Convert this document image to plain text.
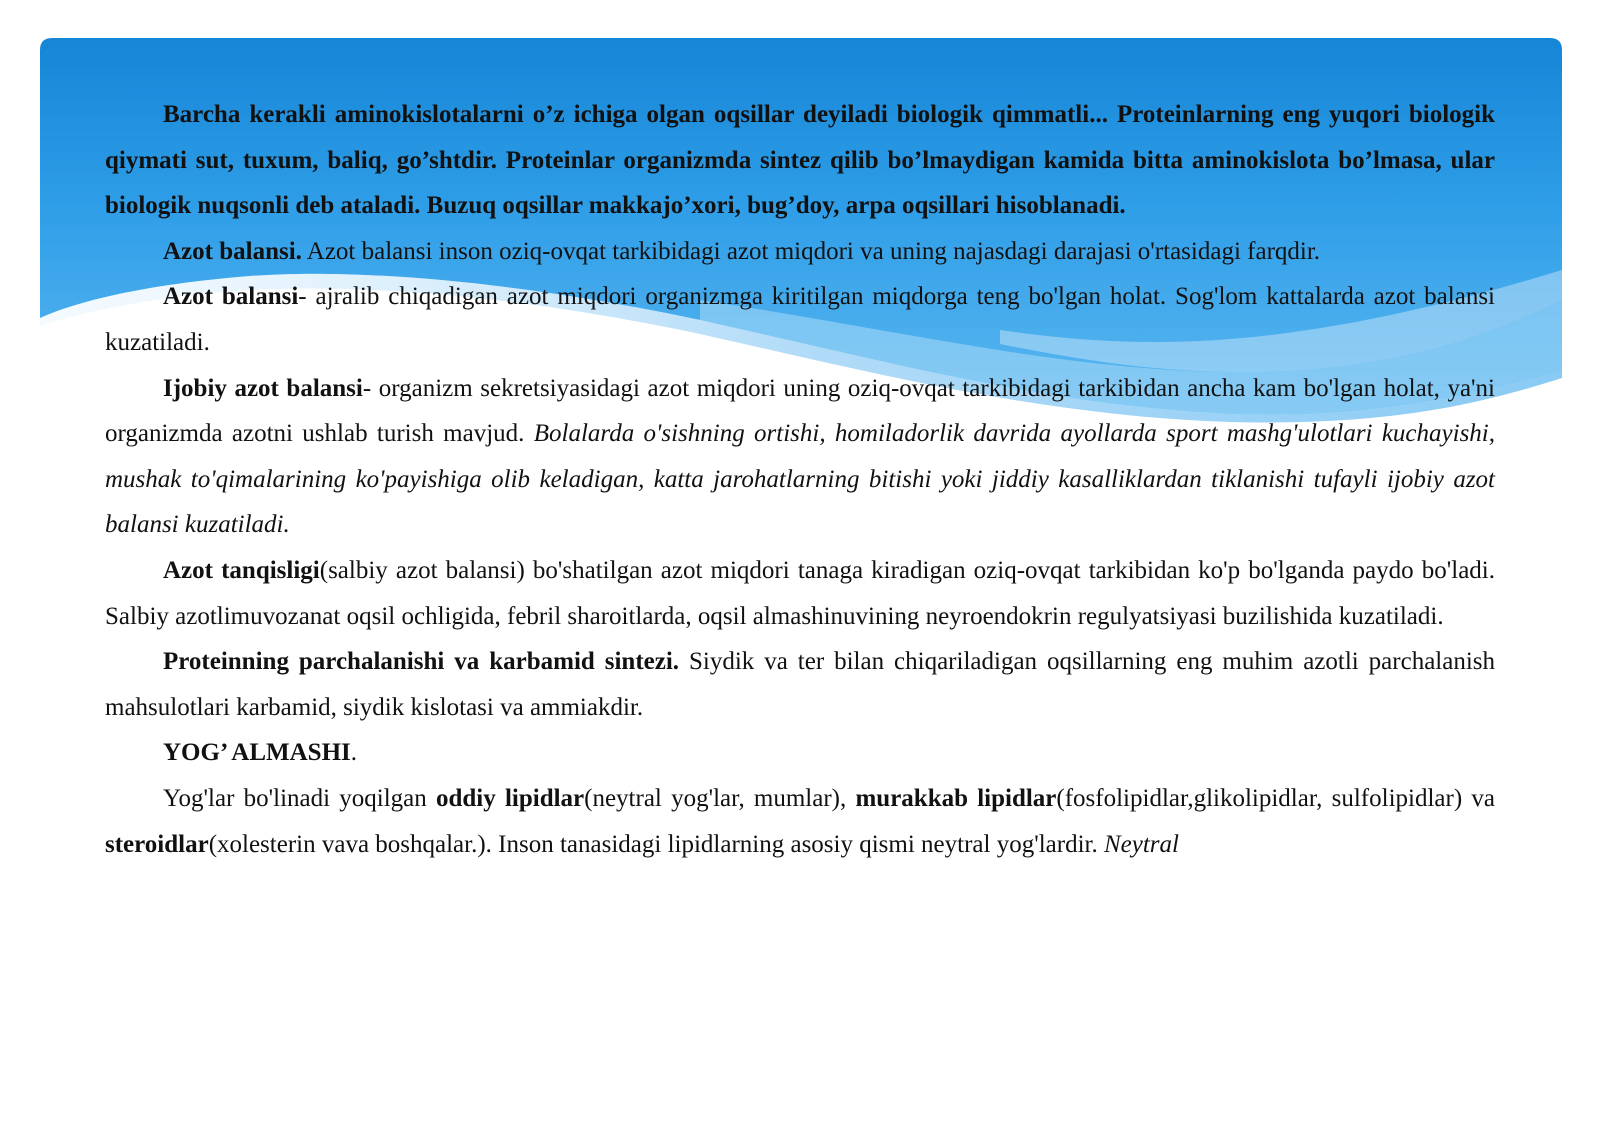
Barcha kerakli aminokislotalarni o’z ichiga olgan oqsillar deyiladi biologik qimmatli... Proteinlarning eng yuqori biologik qiymati sut, tuxum, baliq, go’shtdir. Proteinlar organizmda sintez qilib bo’lmaydigan kamida bitta aminokislota bo’lmasa, ular biologik nuqsonli deb ataladi. Buzuq oqsillar makkajo’xori, bug’doy, arpa oqsillari hisoblanadi.

Azot balansi. Azot balansi inson oziq-ovqat tarkibidagi azot miqdori va uning najasdagi darajasi o'rtasidagi farqdir.

Azot balansi- ajralib chiqadigan azot miqdori organizmga kiritilgan miqdorga teng bo'lgan holat. Sog'lom kattalarda azot balansi kuzatiladi.

Ijobiy azot balansi- organizm sekretsiyasidagi azot miqdori uning oziq-ovqat tarkibidagi tarkibidan ancha kam bo'lgan holat, ya'ni organizmda azotni ushlab turish mavjud. Bolalarda o'sishning ortishi, homiladorlik davrida ayollarda sport mashg'ulotlari kuchayishi, mushak to'qimalarining ko'payishiga olib keladigan, katta jarohatlarning bitishi yoki jiddiy kasalliklardan tiklanishi tufayli ijobiy azot balansi kuzatiladi.

Azot tanqisligi(salbiy azot balansi) bo'shatilgan azot miqdori tanaga kiradigan oziq-ovqat tarkibidan ko'p bo'lganda paydo bo'ladi. Salbiy azotlimuvozanat oqsil ochligida, febril sharoitlarda, oqsil almashinuvining neyroendokrin regulyatsiyasi buzilishida kuzatiladi.

Proteinning parchalanishi va karbamid sintezi. Siydik va ter bilan chiqariladigan oqsillarning eng muhim azotli parchalanish mahsulotlari karbamid, siydik kislotasi va ammiakdir.

YOG’ ALMASHI.

Yog'lar bo'linadi yoqilgan oddiy lipidlar(neytral yog'lar, mumlar), murakkab lipidlar(fosfolipidlar,glikolipidlar, sulfolipidlar) va steroidlar(xolesterin vava boshqalar.). Inson tanasidagi lipidlarning asosiy qismi neytral yog'lardir. Neytral
